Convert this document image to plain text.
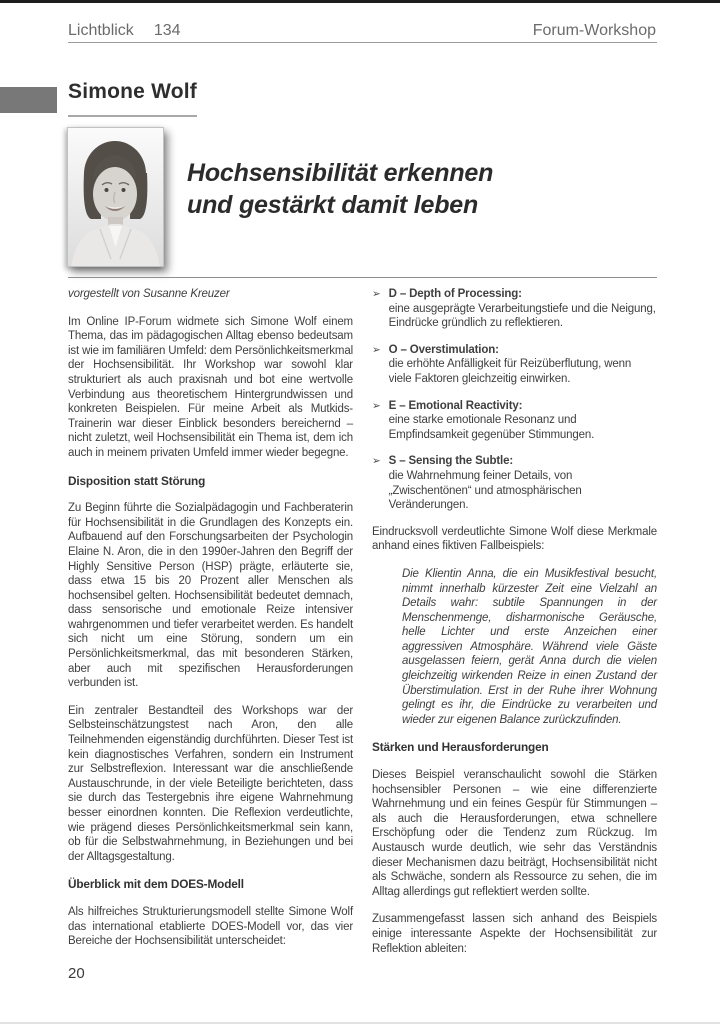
Lichtblick 134	Forum-Workshop
Simone Wolf
Hochsensibilität erkennen
und gestärkt damit leben

vorgestellt von Susanne Kreuzer

Im Online IP-Forum widmete sich Simone Wolf einem Thema, das im pädagogischen Alltag ebenso bedeutsam ist wie im familiären Umfeld: dem Persönlichkeitsmerkmal der Hochsensibilität. Ihr Workshop war sowohl klar strukturiert als auch praxisnah und bot eine wertvolle Verbindung aus theoretischem Hintergrundwissen und konkreten Beispielen. Für meine Arbeit als Mutkids-Trainerin war dieser Einblick besonders bereichernd – nicht zuletzt, weil Hochsensibilität ein Thema ist, dem ich auch in meinem privaten Umfeld immer wieder begegne.

Disposition statt Störung

Zu Beginn führte die Sozialpädagogin und Fachberaterin für Hochsensibilität in die Grundlagen des Konzepts ein. Aufbauend auf den Forschungsarbeiten der Psychologin Elaine N. Aron, die in den 1990er-Jahren den Begriff der Highly Sensitive Person (HSP) prägte, erläuterte sie, dass etwa 15 bis 20 Prozent aller Menschen als hochsensibel gelten. Hochsensibilität bedeutet demnach, dass sensorische und emotionale Reize intensiver wahrgenommen und tiefer verarbeitet werden. Es handelt sich nicht um eine Störung, sondern um ein Persönlichkeitsmerkmal, das mit besonderen Stärken, aber auch mit spezifischen Herausforderungen verbunden ist.

Ein zentraler Bestandteil des Workshops war der Selbsteinschätzungstest nach Aron, den alle Teilnehmenden eigenständig durchführten. Dieser Test ist kein diagnostisches Verfahren, sondern ein Instrument zur Selbstreflexion. Interessant war die anschließende Austauschrunde, in der viele Beteiligte berichteten, dass sie durch das Testergebnis ihre eigene Wahrnehmung besser einordnen konnten. Die Reflexion verdeutlichte, wie prägend dieses Persönlichkeitsmerkmal sein kann, ob für die Selbstwahrnehmung, in Beziehungen und bei der Alltagsgestaltung.

Überblick mit dem DOES-Modell

Als hilfreiches Strukturierungsmodell stellte Simone Wolf das international etablierte DOES-Modell vor, das vier Bereiche der Hochsensibilität unterscheidet:

➢ D – Depth of Processing:
eine ausgeprägte Verarbeitungstiefe und die Neigung, Eindrücke gründlich zu reflektieren.
➢ O – Overstimulation:
die erhöhte Anfälligkeit für Reizüberflutung, wenn viele Faktoren gleichzeitig einwirken.
➢ E – Emotional Reactivity:
eine starke emotionale Resonanz und Empfindsamkeit gegenüber Stimmungen.
➢ S – Sensing the Subtle:
die Wahrnehmung feiner Details, von „Zwischentönen“ und atmosphärischen Veränderungen.

Eindrucksvoll verdeutlichte Simone Wolf diese Merkmale anhand eines fiktiven Fallbeispiels:

Die Klientin Anna, die ein Musikfestival besucht, nimmt innerhalb kürzester Zeit eine Vielzahl an Details wahr: subtile Spannungen in der Menschenmenge, disharmonische Geräusche, helle Lichter und erste Anzeichen einer aggressiven Atmosphäre. Während viele Gäste ausgelassen feiern, gerät Anna durch die vielen gleichzeitig wirkenden Reize in einen Zustand der Überstimulation. Erst in der Ruhe ihrer Wohnung gelingt es ihr, die Eindrücke zu verarbeiten und wieder zur eigenen Balance zurückzufinden.
Stärken und Herausforderungen

Dieses Beispiel veranschaulicht sowohl die Stärken hochsensibler Personen – wie eine differenzierte Wahrnehmung und ein feines Gespür für Stimmungen – als auch die Herausforderungen, etwa schnellere Erschöpfung oder die Tendenz zum Rückzug. Im Austausch wurde deutlich, wie sehr das Verständnis dieser Mechanismen dazu beiträgt, Hochsensibilität nicht als Schwäche, sondern als Ressource zu sehen, die im Alltag allerdings gut reflektiert werden sollte.

Zusammengefasst lassen sich anhand des Beispiels einige interessante Aspekte der Hochsensibilität zur Reflektion ableiten:

20
